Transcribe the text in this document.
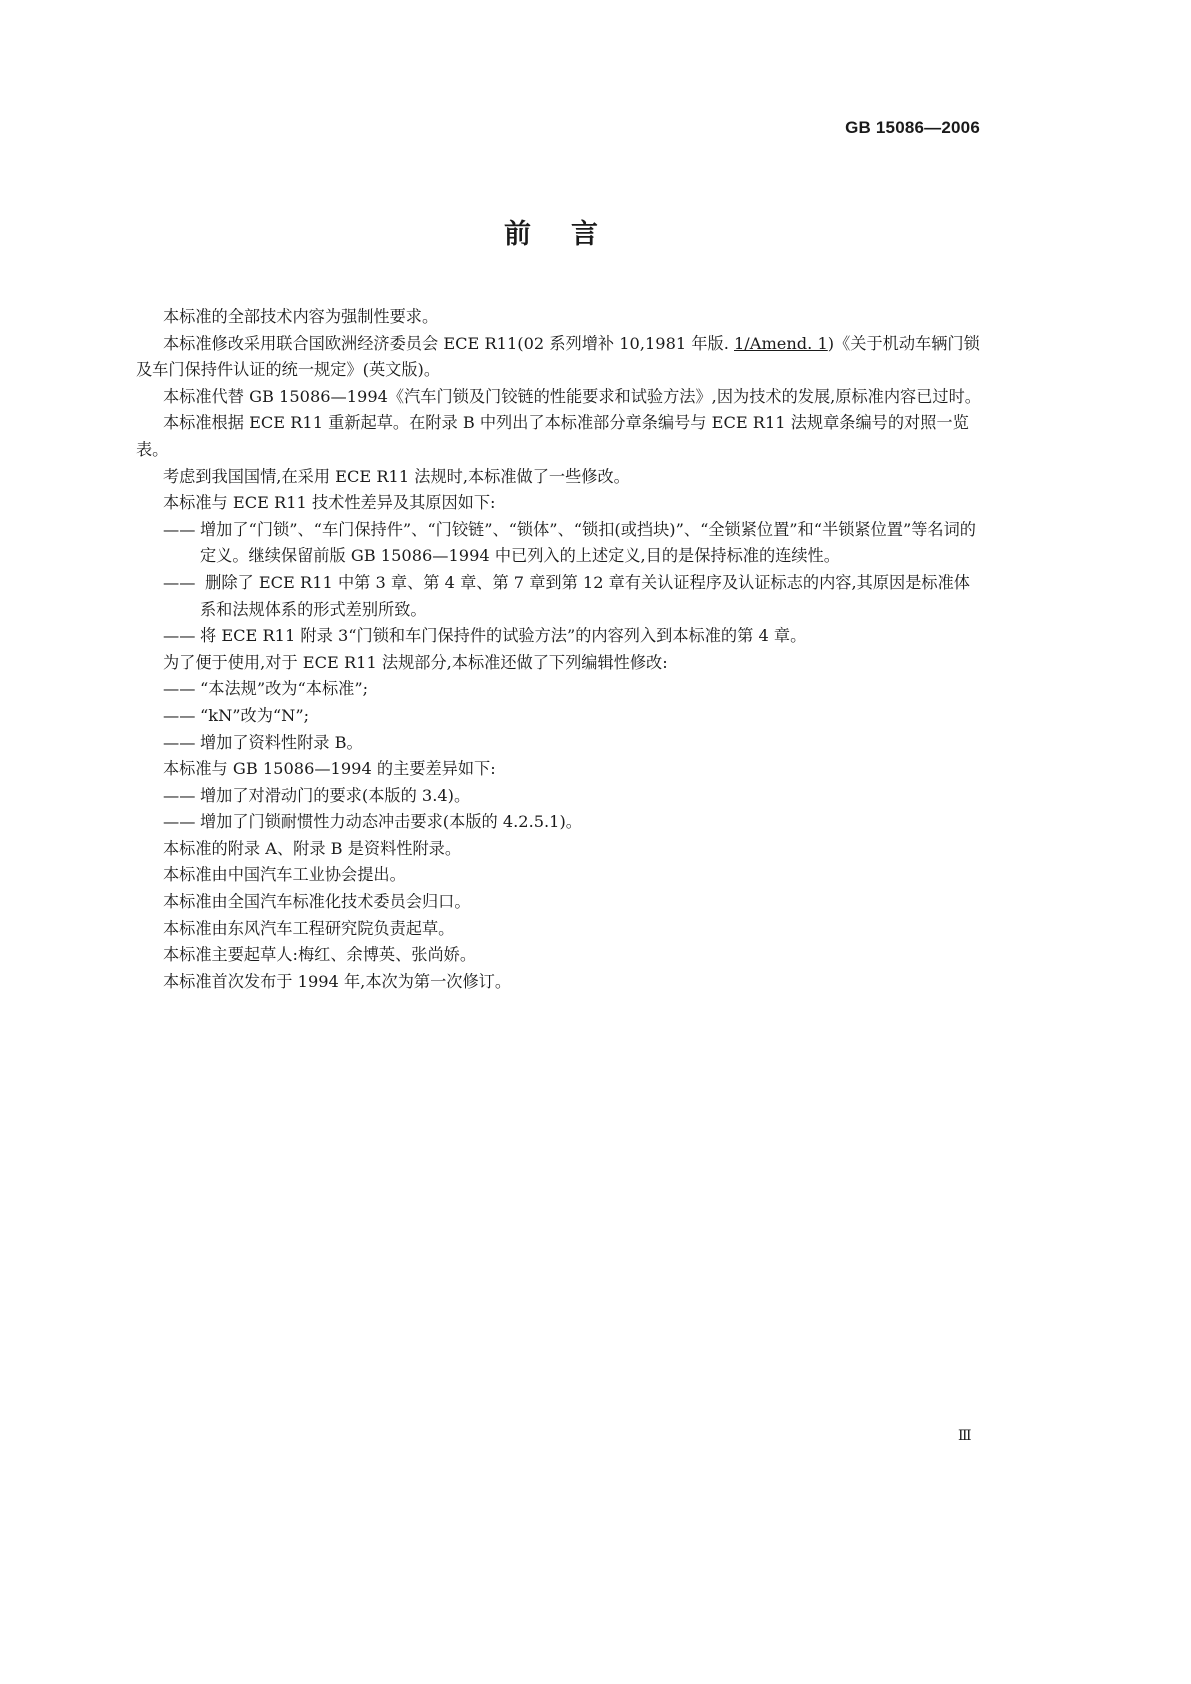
GB 15086—2006
前言

本标准的全部技术内容为强制性要求。

本标准修改采用联合国欧洲经济委员会 ECE R11(02 系列增补 10,1981 年版. 1/Amend. 1)《关于机动车辆门锁及车门保持件认证的统一规定》(英文版)。

本标准代替 GB 15086—1994《汽车门锁及门铰链的性能要求和试验方法》,因为技术的发展,原标准内容已过时。

本标准根据 ECE R11 重新起草。在附录 B 中列出了本标准部分章条编号与 ECE R11 法规章条编号的对照一览表。

考虑到我国国情,在采用 ECE R11 法规时,本标准做了一些修改。

本标准与 ECE R11 技术性差异及其原因如下:

—— 增加了“门锁”、“车门保持件”、“门铰链”、“锁体”、“锁扣(或挡块)”、“全锁紧位置”和“半锁紧位置”等名词的定义。继续保留前版 GB 15086—1994 中已列入的上述定义,目的是保持标准的连续性。

—— 删除了 ECE R11 中第 3 章、第 4 章、第 7 章到第 12 章有关认证程序及认证标志的内容,其原因是标准体系和法规体系的形式差别所致。

—— 将 ECE R11 附录 3“门锁和车门保持件的试验方法”的内容列入到本标准的第 4 章。

为了便于使用,对于 ECE R11 法规部分,本标准还做了下列编辑性修改:

—— “本法规”改为“本标准”;

—— “kN”改为“N”;

—— 增加了资料性附录 B。

本标准与 GB 15086—1994 的主要差异如下:

—— 增加了对滑动门的要求(本版的 3.4)。

—— 增加了门锁耐惯性力动态冲击要求(本版的 4.2.5.1)。

本标准的附录 A、附录 B 是资料性附录。

本标准由中国汽车工业协会提出。

本标准由全国汽车标准化技术委员会归口。

本标准由东风汽车工程研究院负责起草。

本标准主要起草人:梅红、余博英、张尚娇。

本标准首次发布于 1994 年,本次为第一次修订。

Ⅲ
